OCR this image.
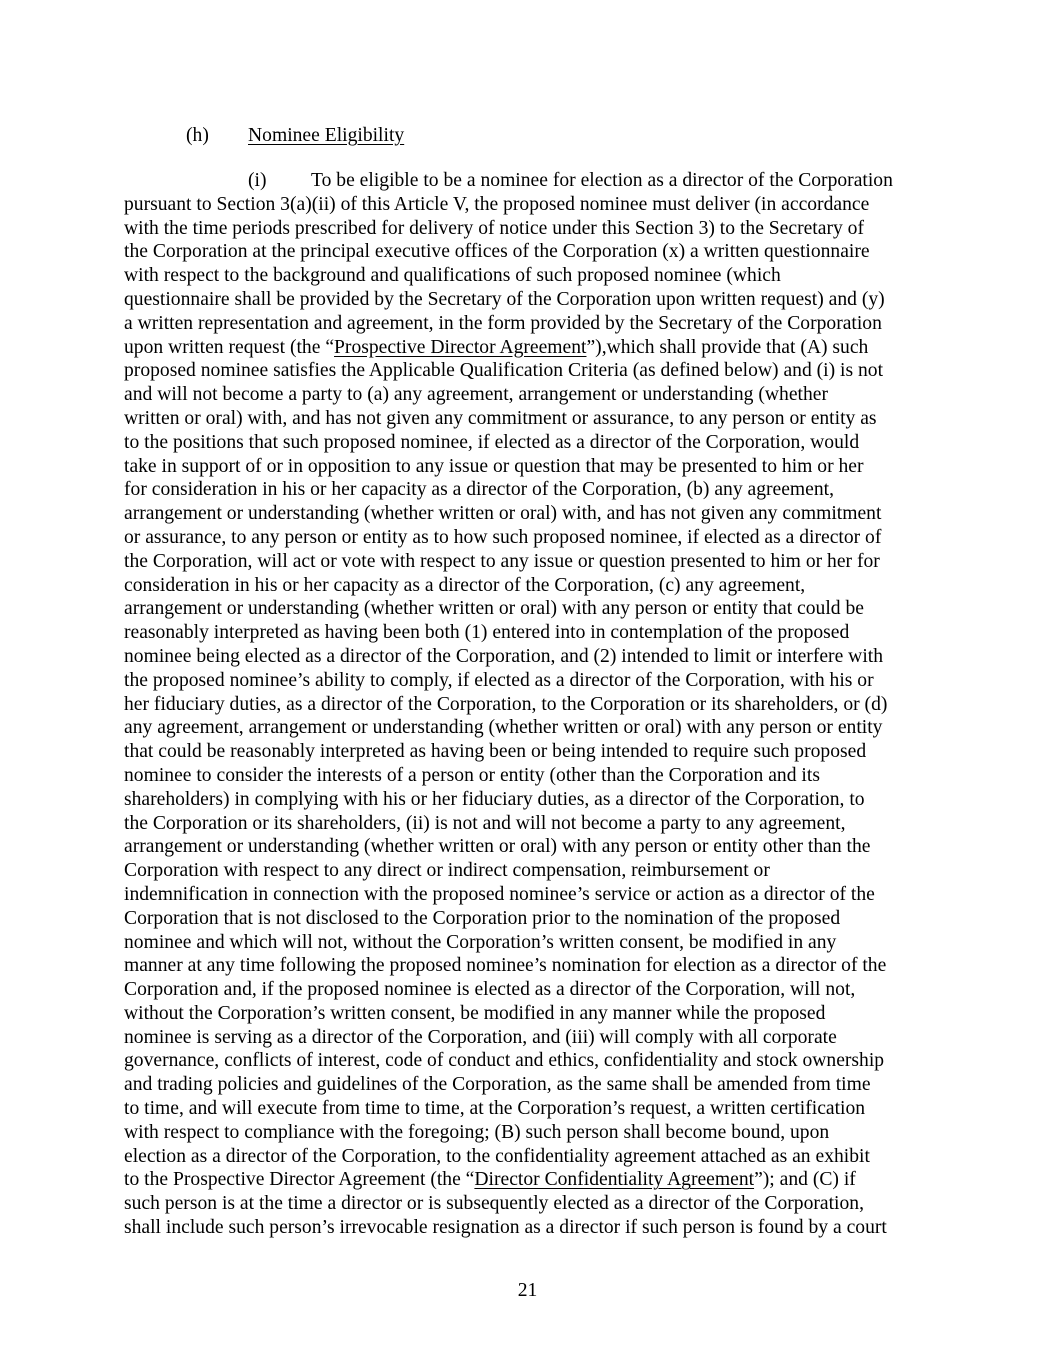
(h) Nominee Eligibility
(i) To be eligible to be a nominee for election as a director of the Corporation
pursuant to Section 3(a)(ii) of this Article V, the proposed nominee must deliver (in accordance
with the time periods prescribed for delivery of notice under this Section 3) to the Secretary of
the Corporation at the principal executive offices of the Corporation (x) a written questionnaire
with respect to the background and qualifications of such proposed nominee (which
questionnaire shall be provided by the Secretary of the Corporation upon written request) and (y)
a written representation and agreement, in the form provided by the Secretary of the Corporation
upon written request (the “Prospective Director Agreement”),which shall provide that (A) such
proposed nominee satisfies the Applicable Qualification Criteria (as defined below) and (i) is not
and will not become a party to (a) any agreement, arrangement or understanding (whether
written or oral) with, and has not given any commitment or assurance, to any person or entity as
to the positions that such proposed nominee, if elected as a director of the Corporation, would
take in support of or in opposition to any issue or question that may be presented to him or her
for consideration in his or her capacity as a director of the Corporation, (b) any agreement,
arrangement or understanding (whether written or oral) with, and has not given any commitment
or assurance, to any person or entity as to how such proposed nominee, if elected as a director of
the Corporation, will act or vote with respect to any issue or question presented to him or her for
consideration in his or her capacity as a director of the Corporation, (c) any agreement,
arrangement or understanding (whether written or oral) with any person or entity that could be
reasonably interpreted as having been both (1) entered into in contemplation of the proposed
nominee being elected as a director of the Corporation, and (2) intended to limit or interfere with
the proposed nominee’s ability to comply, if elected as a director of the Corporation, with his or
her fiduciary duties, as a director of the Corporation, to the Corporation or its shareholders, or (d)
any agreement, arrangement or understanding (whether written or oral) with any person or entity
that could be reasonably interpreted as having been or being intended to require such proposed
nominee to consider the interests of a person or entity (other than the Corporation and its
shareholders) in complying with his or her fiduciary duties, as a director of the Corporation, to
the Corporation or its shareholders, (ii) is not and will not become a party to any agreement,
arrangement or understanding (whether written or oral) with any person or entity other than the
Corporation with respect to any direct or indirect compensation, reimbursement or
indemnification in connection with the proposed nominee’s service or action as a director of the
Corporation that is not disclosed to the Corporation prior to the nomination of the proposed
nominee and which will not, without the Corporation’s written consent, be modified in any
manner at any time following the proposed nominee’s nomination for election as a director of the
Corporation and, if the proposed nominee is elected as a director of the Corporation, will not,
without the Corporation’s written consent, be modified in any manner while the proposed
nominee is serving as a director of the Corporation, and (iii) will comply with all corporate
governance, conflicts of interest, code of conduct and ethics, confidentiality and stock ownership
and trading policies and guidelines of the Corporation, as the same shall be amended from time
to time, and will execute from time to time, at the Corporation’s request, a written certification
with respect to compliance with the foregoing; (B) such person shall become bound, upon
election as a director of the Corporation, to the confidentiality agreement attached as an exhibit
to the Prospective Director Agreement (the “Director Confidentiality Agreement”); and (C) if
such person is at the time a director or is subsequently elected as a director of the Corporation,
shall include such person’s irrevocable resignation as a director if such person is found by a court
21
